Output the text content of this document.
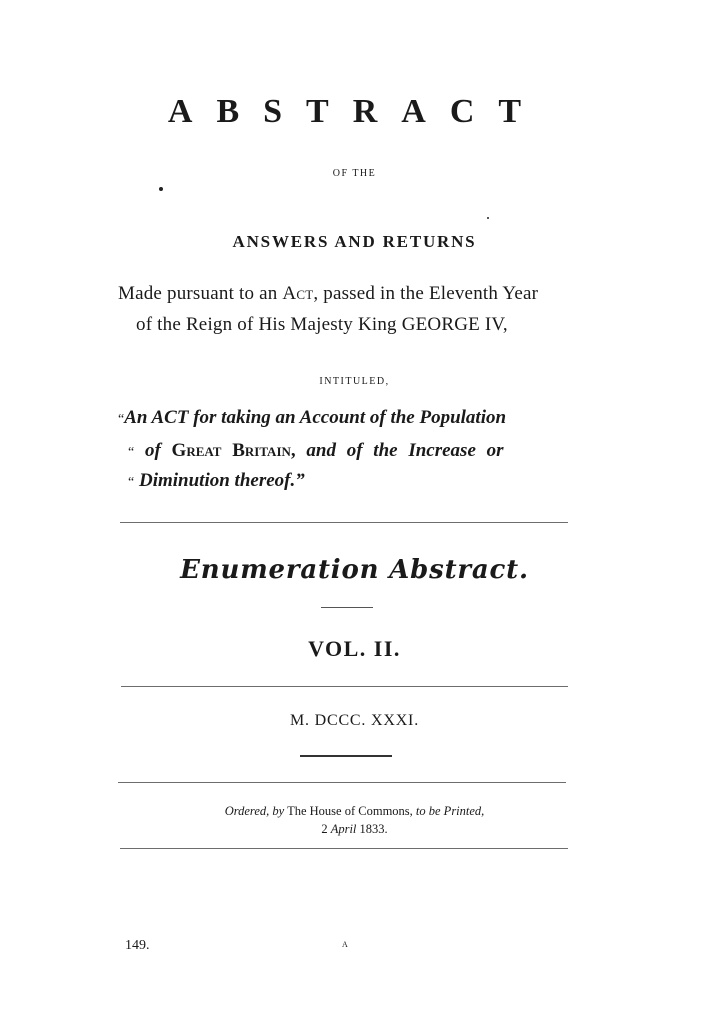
ABSTRACT
OF THE
ANSWERS AND RETURNS
Made pursuant to an Act, passed in the Eleventh Year
of the Reign of His Majesty King GEORGE IV,
INTITULED,
“An ACT for taking an Account of the Population
“ of Great Britain, and of the Increase or
“ Diminution thereof.”
Enumeration Abstract.
VOL. II.
M. DCCC. XXXI.
Ordered, by The House of Commons, to be Printed,
2 April 1833.
149.	A
